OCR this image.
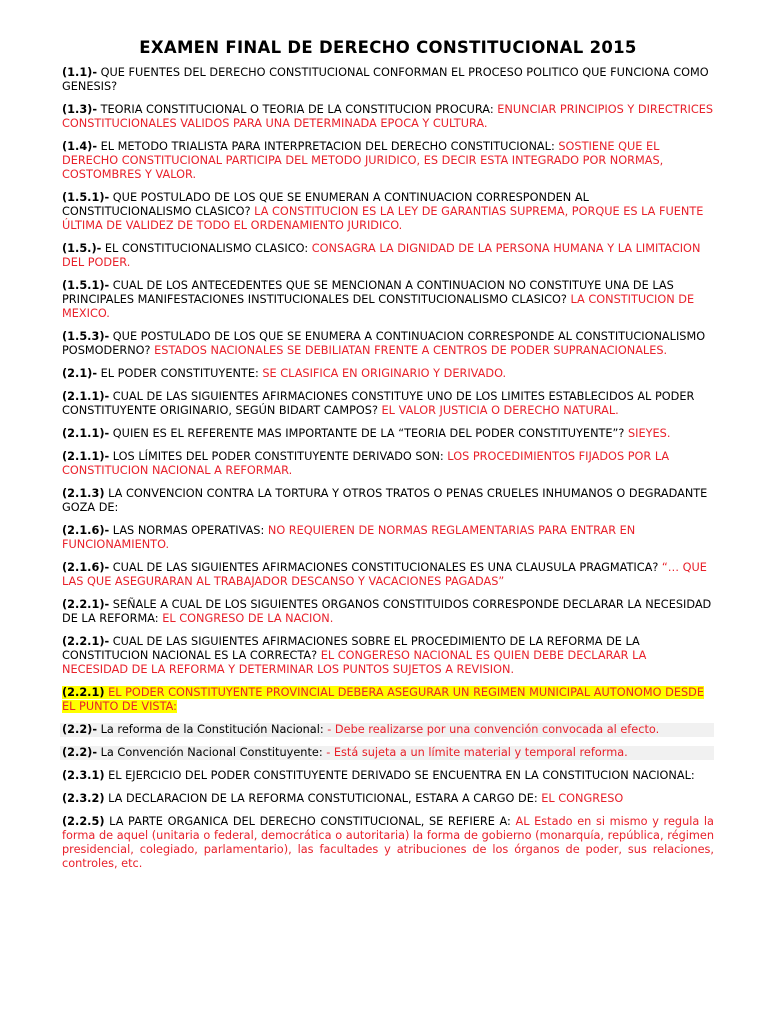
EXAMEN FINAL DE DERECHO CONSTITUCIONAL 2015
(1.1)- QUE FUENTES DEL DERECHO CONSTITUCIONAL CONFORMAN EL PROCESO POLITICO QUE FUNCIONA COMO GENESIS?
(1.3)- TEORIA CONSTITUCIONAL O TEORIA DE LA CONSTITUCION PROCURA: ENUNCIAR PRINCIPIOS Y DIRECTRICES CONSTITUCIONALES VALIDOS PARA UNA DETERMINADA EPOCA Y CULTURA.
(1.4)- EL METODO TRIALISTA PARA INTERPRETACION DEL DERECHO CONSTITUCIONAL: SOSTIENE QUE EL DERECHO CONSTITUCIONAL PARTICIPA DEL METODO JURIDICO, ES DECIR ESTA INTEGRADO POR NORMAS, COSTOMBRES Y VALOR.
(1.5.1)- QUE POSTULADO DE LOS QUE SE ENUMERAN A CONTINUACION CORRESPONDEN AL CONSTITUCIONALISMO CLASICO? LA CONSTITUCION ES LA LEY DE GARANTIAS SUPREMA, PORQUE ES LA FUENTE ÚLTIMA DE VALIDEZ DE TODO EL ORDENAMIENTO JURIDICO.
(1.5.)- EL CONSTITUCIONALISMO CLASICO: CONSAGRA LA DIGNIDAD DE LA PERSONA HUMANA Y LA LIMITACION DEL PODER.
(1.5.1)- CUAL DE LOS ANTECEDENTES QUE SE MENCIONAN A CONTINUACION NO CONSTITUYE UNA DE LAS PRINCIPALES MANIFESTACIONES INSTITUCIONALES DEL CONSTITUCIONALISMO CLASICO? LA CONSTITUCION DE MEXICO.
(1.5.3)- QUE POSTULADO DE LOS QUE SE ENUMERA A CONTINUACION CORRESPONDE AL CONSTITUCIONALISMO POSMODERNO? ESTADOS NACIONALES SE DEBILIATAN FRENTE A CENTROS DE PODER SUPRANACIONALES.
(2.1)- EL PODER CONSTITUYENTE: SE CLASIFICA EN ORIGINARIO Y DERIVADO.
(2.1.1)- CUAL DE LAS SIGUIENTES AFIRMACIONES CONSTITUYE UNO DE LOS LIMITES ESTABLECIDOS AL PODER CONSTITUYENTE ORIGINARIO, SEGÚN BIDART CAMPOS? EL VALOR JUSTICIA O DERECHO NATURAL.
(2.1.1)- QUIEN ES EL REFERENTE MAS IMPORTANTE DE LA “TEORIA DEL PODER CONSTITUYENTE”? SIEYES.
(2.1.1)- LOS LÍMITES DEL PODER CONSTITUYENTE DERIVADO SON: LOS PROCEDIMIENTOS FIJADOS POR LA CONSTITUCION NACIONAL A REFORMAR.
(2.1.3) LA CONVENCION CONTRA LA TORTURA Y OTROS TRATOS O PENAS CRUELES INHUMANOS O DEGRADANTE GOZA DE:
(2.1.6)- LAS NORMAS OPERATIVAS: NO REQUIEREN DE NORMAS REGLAMENTARIAS PARA ENTRAR EN FUNCIONAMIENTO.
(2.1.6)- CUAL DE LAS SIGUIENTES AFIRMACIONES CONSTITUCIONALES ES UNA CLAUSULA PRAGMATICA? “… QUE LAS QUE ASEGURARAN AL TRABAJADOR DESCANSO Y VACACIONES PAGADAS”
(2.2.1)- SEÑALE A CUAL DE LOS SIGUIENTES ORGANOS CONSTITUIDOS CORRESPONDE DECLARAR LA NECESIDAD DE LA REFORMA: EL CONGRESO DE LA NACION.
(2.2.1)- CUAL DE LAS SIGUIENTES AFIRMACIONES SOBRE EL PROCEDIMIENTO DE LA REFORMA DE LA CONSTITUCION NACIONAL ES LA CORRECTA? EL CONGERESO NACIONAL ES QUIEN DEBE DECLARAR LA NECESIDAD DE LA REFORMA Y DETERMINAR LOS PUNTOS SUJETOS A REVISION.
(2.2.1) EL PODER CONSTITUYENTE PROVINCIAL DEBERA ASEGURAR UN REGIMEN MUNICIPAL AUTONOMO DESDE EL PUNTO DE VISTA:
(2.2)- La reforma de la Constitución Nacional: - Debe realizarse por una convención convocada al efecto.
(2.2)- La Convención Nacional Constituyente: - Está sujeta a un límite material y temporal reforma.
(2.3.1) EL EJERCICIO DEL PODER CONSTITUYENTE DERIVADO SE ENCUENTRA EN LA CONSTITUCION NACIONAL:
(2.3.2) LA DECLARACION DE LA REFORMA CONSTUTICIONAL, ESTARA A CARGO DE: EL CONGRESO
(2.2.5) LA PARTE ORGANICA DEL DERECHO CONSTITUCIONAL, SE REFIERE A: AL Estado en si mismo y regula la forma de aquel (unitaria o federal, democrática o autoritaria) la forma de gobierno (monarquía, república, régimen presidencial, colegiado, parlamentario), las facultades y atribuciones de los órganos de poder, sus relaciones, controles, etc.
